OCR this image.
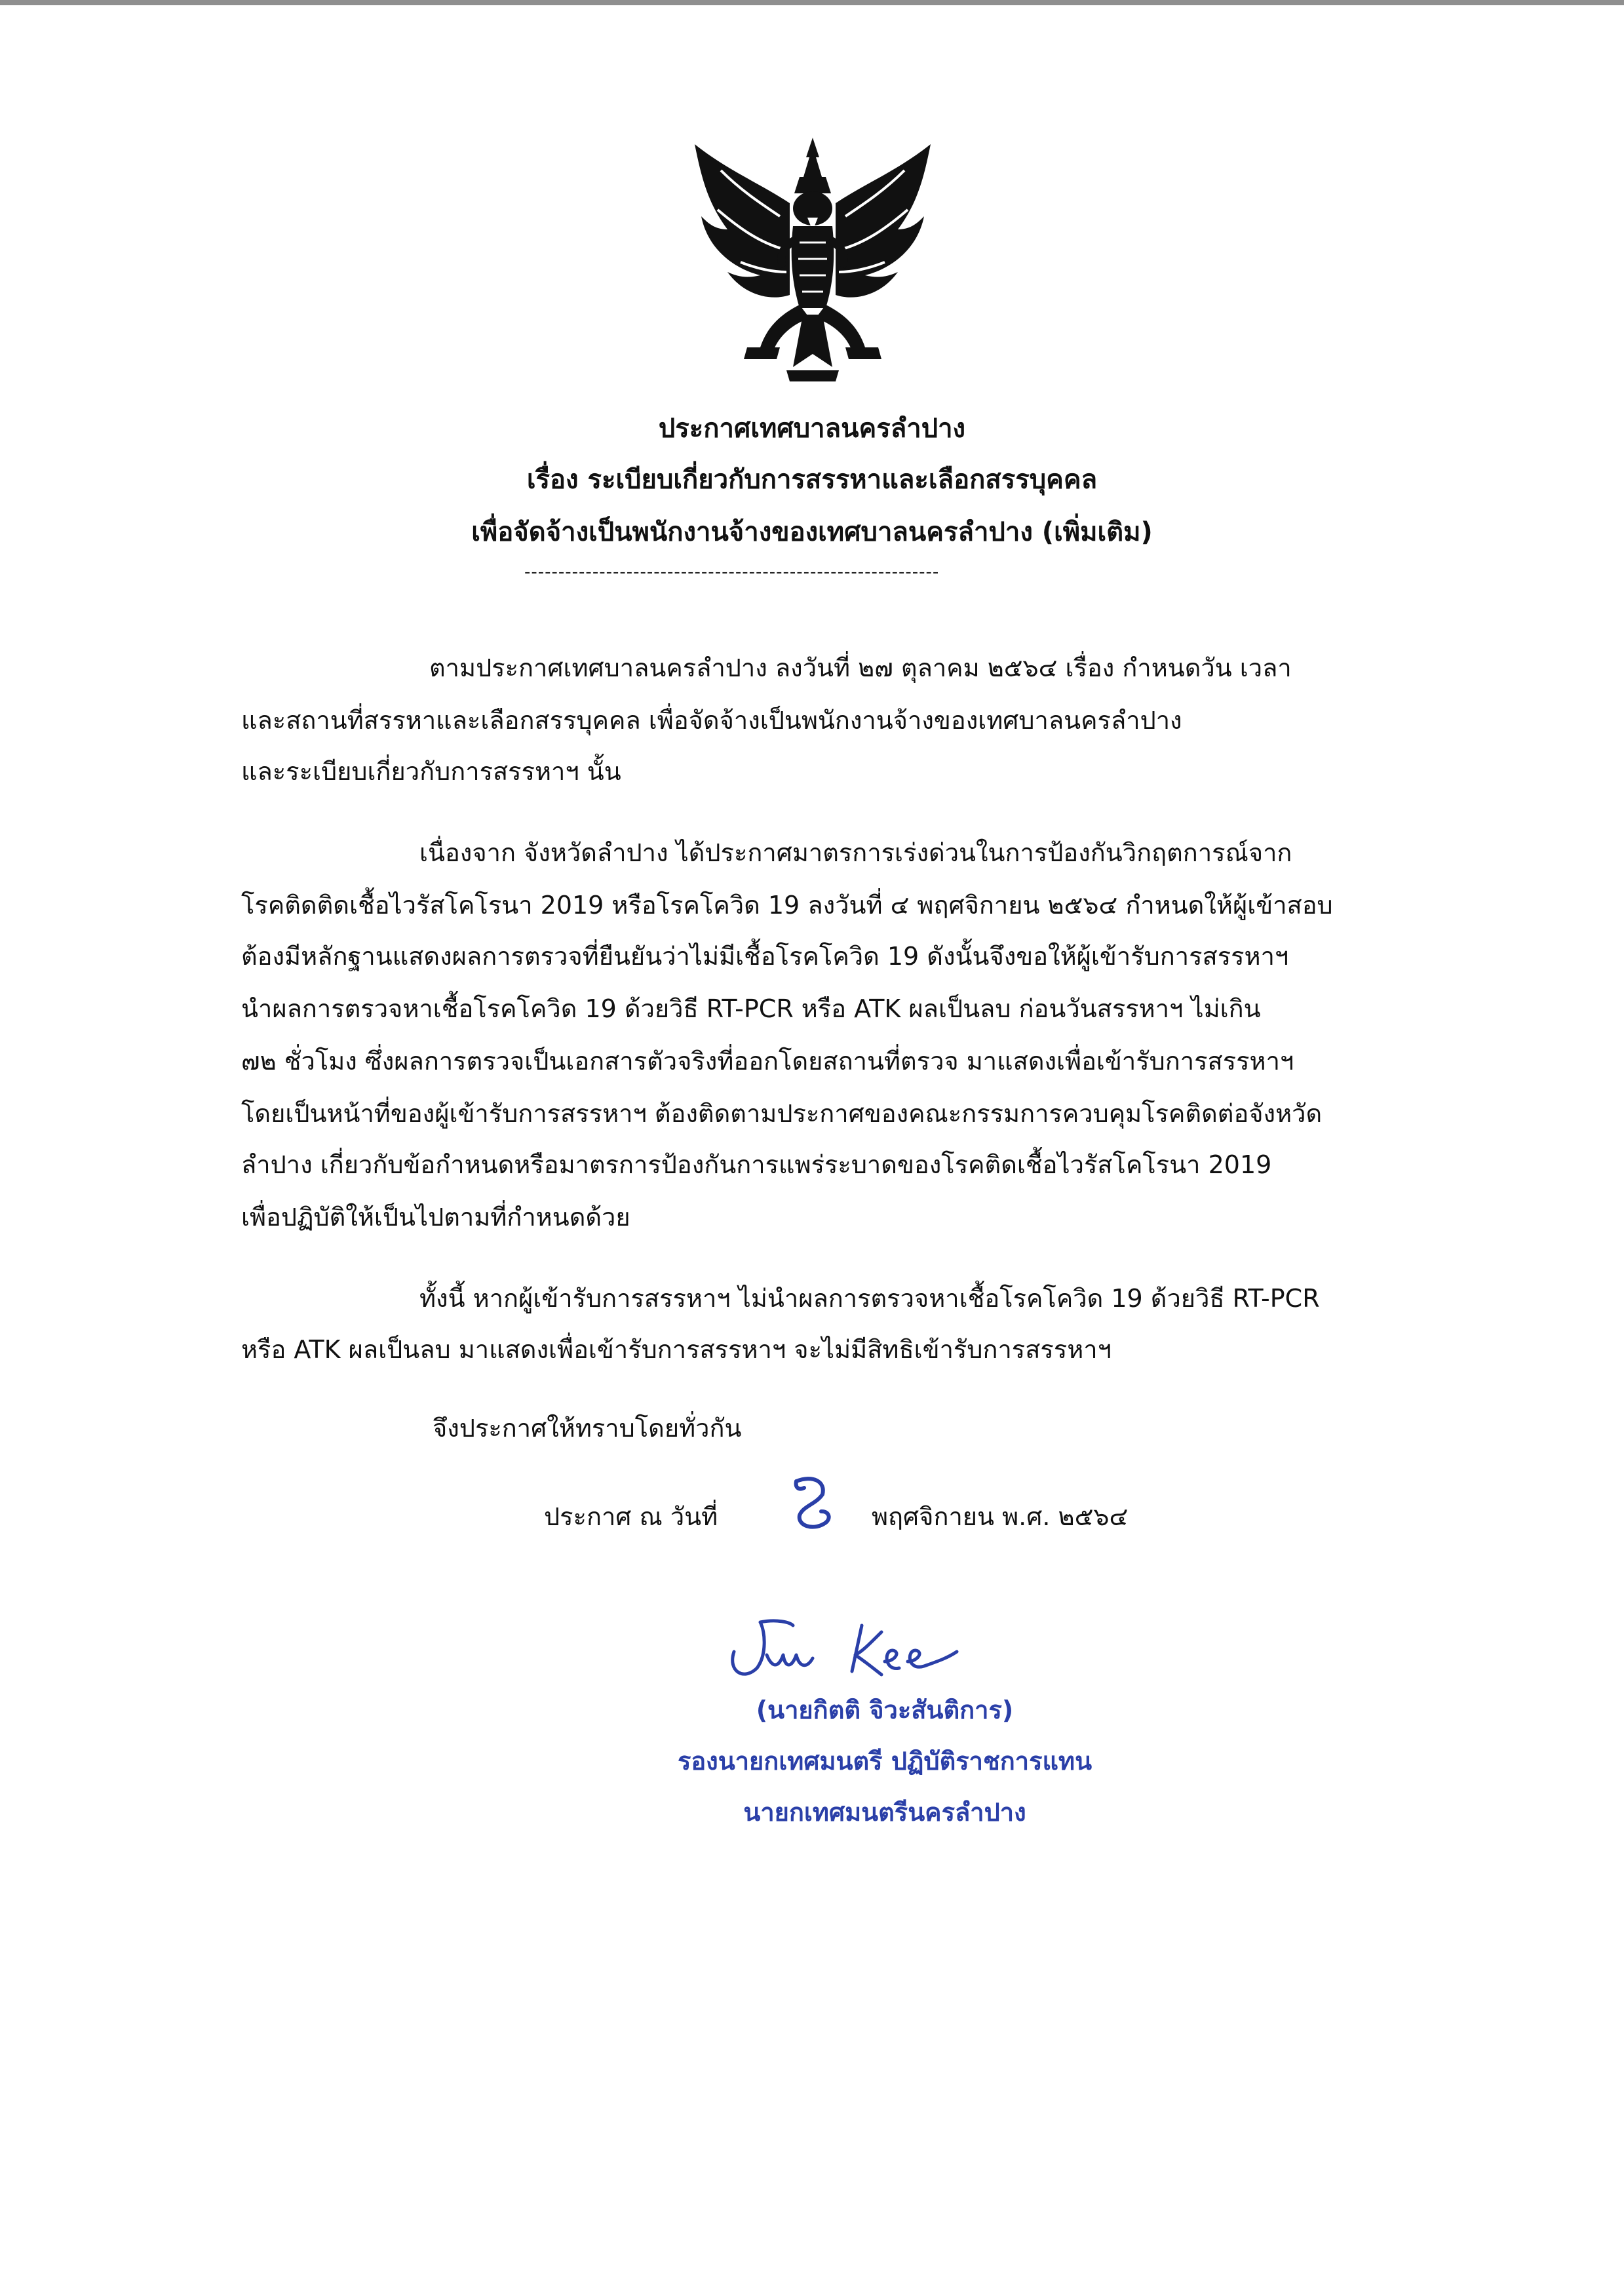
ประกาศเทศบาลนครลำปาง
เรื่อง ระเบียบเกี่ยวกับการสรรหาและเลือกสรรบุคคล
เพื่อจัดจ้างเป็นพนักงานจ้างของเทศบาลนครลำปาง (เพิ่มเติม)
-------------------------------------------------------------
ตามประกาศเทศบาลนครลำปาง ลงวันที่ ๒๗ ตุลาคม ๒๕๖๔ เรื่อง กำหนดวัน เวลา
และสถานที่สรรหาและเลือกสรรบุคคล เพื่อจัดจ้างเป็นพนักงานจ้างของเทศบาลนครลำปาง
และระเบียบเกี่ยวกับการสรรหาฯ นั้น
เนื่องจาก จังหวัดลำปาง ได้ประกาศมาตรการเร่งด่วนในการป้องกันวิกฤตการณ์จาก
โรคติดติดเชื้อไวรัสโคโรนา 2019 หรือโรคโควิด 19 ลงวันที่ ๔ พฤศจิกายน ๒๕๖๔ กำหนดให้ผู้เข้าสอบ
ต้องมีหลักฐานแสดงผลการตรวจที่ยืนยันว่าไม่มีเชื้อโรคโควิด 19 ดังนั้นจึงขอให้ผู้เข้ารับการสรรหาฯ
นำผลการตรวจหาเชื้อโรคโควิด 19 ด้วยวิธี RT-PCR หรือ ATK ผลเป็นลบ ก่อนวันสรรหาฯ ไม่เกิน
๗๒ ชั่วโมง ซึ่งผลการตรวจเป็นเอกสารตัวจริงที่ออกโดยสถานที่ตรวจ มาแสดงเพื่อเข้ารับการสรรหาฯ
โดยเป็นหน้าที่ของผู้เข้ารับการสรรหาฯ ต้องติดตามประกาศของคณะกรรมการควบคุมโรคติดต่อจังหวัด
ลำปาง เกี่ยวกับข้อกำหนดหรือมาตรการป้องกันการแพร่ระบาดของโรคติดเชื้อไวรัสโคโรนา 2019
เพื่อปฏิบัติให้เป็นไปตามที่กำหนดด้วย
ทั้งนี้ หากผู้เข้ารับการสรรหาฯ ไม่นำผลการตรวจหาเชื้อโรคโควิด 19 ด้วยวิธี RT-PCR
หรือ ATK ผลเป็นลบ มาแสดงเพื่อเข้ารับการสรรหาฯ จะไม่มีสิทธิเข้ารับการสรรหาฯ
จึงประกาศให้ทราบโดยทั่วกัน
ประกาศ ณ วันที่	พฤศจิกายน พ.ศ. ๒๕๖๔
(นายกิตติ จิวะสันติการ)
รองนายกเทศมนตรี ปฏิบัติราชการแทน
นายกเทศมนตรีนครลำปาง
